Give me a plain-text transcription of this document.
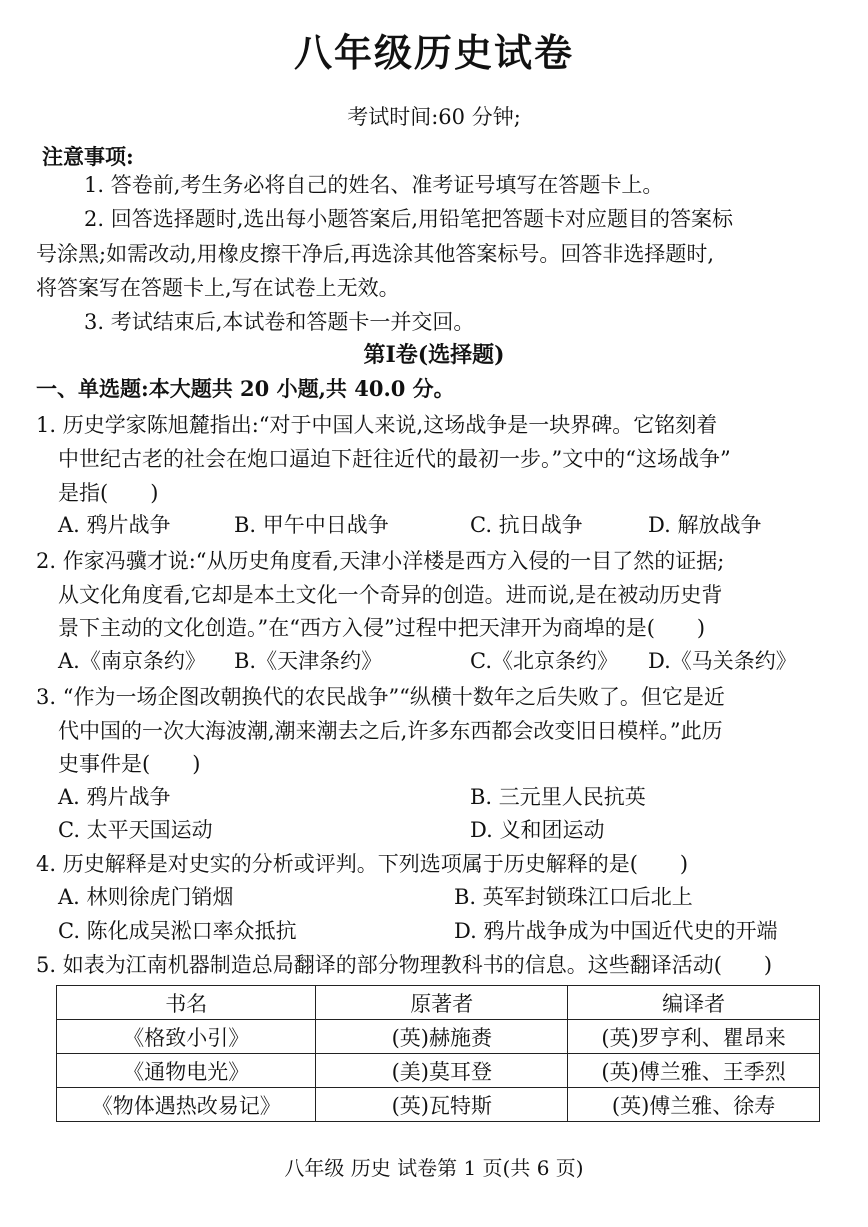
八年级历史试卷
考试时间:60 分钟;
注意事项:
1. 答卷前,考生务必将自己的姓名、准考证号填写在答题卡上。
2. 回答选择题时,选出每小题答案后,用铅笔把答题卡对应题目的答案标
号涂黑;如需改动,用橡皮擦干净后,再选涂其他答案标号。回答非选择题时,
将答案写在答题卡上,写在试卷上无效。
3. 考试结束后,本试卷和答题卡一并交回。
第Ⅰ卷(选择题)
一、单选题:本大题共 20 小题,共 40.0 分。
1. 历史学家陈旭麓指出:“对于中国人来说,这场战争是一块界碑。它铭刻着
中世纪古老的社会在炮口逼迫下赶往近代的最初一步。”文中的“这场战争”
是指(　　)
A. 鸦片战争	B. 甲午中日战争	C. 抗日战争	D. 解放战争
2. 作家冯骥才说:“从历史角度看,天津小洋楼是西方入侵的一目了然的证据;
从文化角度看,它却是本土文化一个奇异的创造。进而说,是在被动历史背
景下主动的文化创造。”在“西方入侵”过程中把天津开为商埠的是(　　)
A.《南京条约》 B.《天津条约》	C.《北京条约》 D.《马关条约》
3. “作为一场企图改朝换代的农民战争”“纵横十数年之后失败了。但它是近
代中国的一次大海波潮,潮来潮去之后,许多东西都会改变旧日模样。”此历
史事件是(　　)
A. 鸦片战争	B. 三元里人民抗英
C. 太平天国运动	D. 义和团运动
4. 历史解释是对史实的分析或评判。下列选项属于历史解释的是(　　)
A. 林则徐虎门销烟	B. 英军封锁珠江口后北上
C. 陈化成吴淞口率众抵抗	D. 鸦片战争成为中国近代史的开端
5. 如表为江南机器制造总局翻译的部分物理教科书的信息。这些翻译活动(　　)
书名	原著者	编译者
《格致小引》	(英)赫施赉	(英)罗亨利、瞿昂来
《通物电光》	(美)莫耳登	(英)傅兰雅、王季烈
《物体遇热改易记》	(英)瓦特斯	(英)傅兰雅、徐寿
八年级 历史 试卷第 1 页(共 6 页)
